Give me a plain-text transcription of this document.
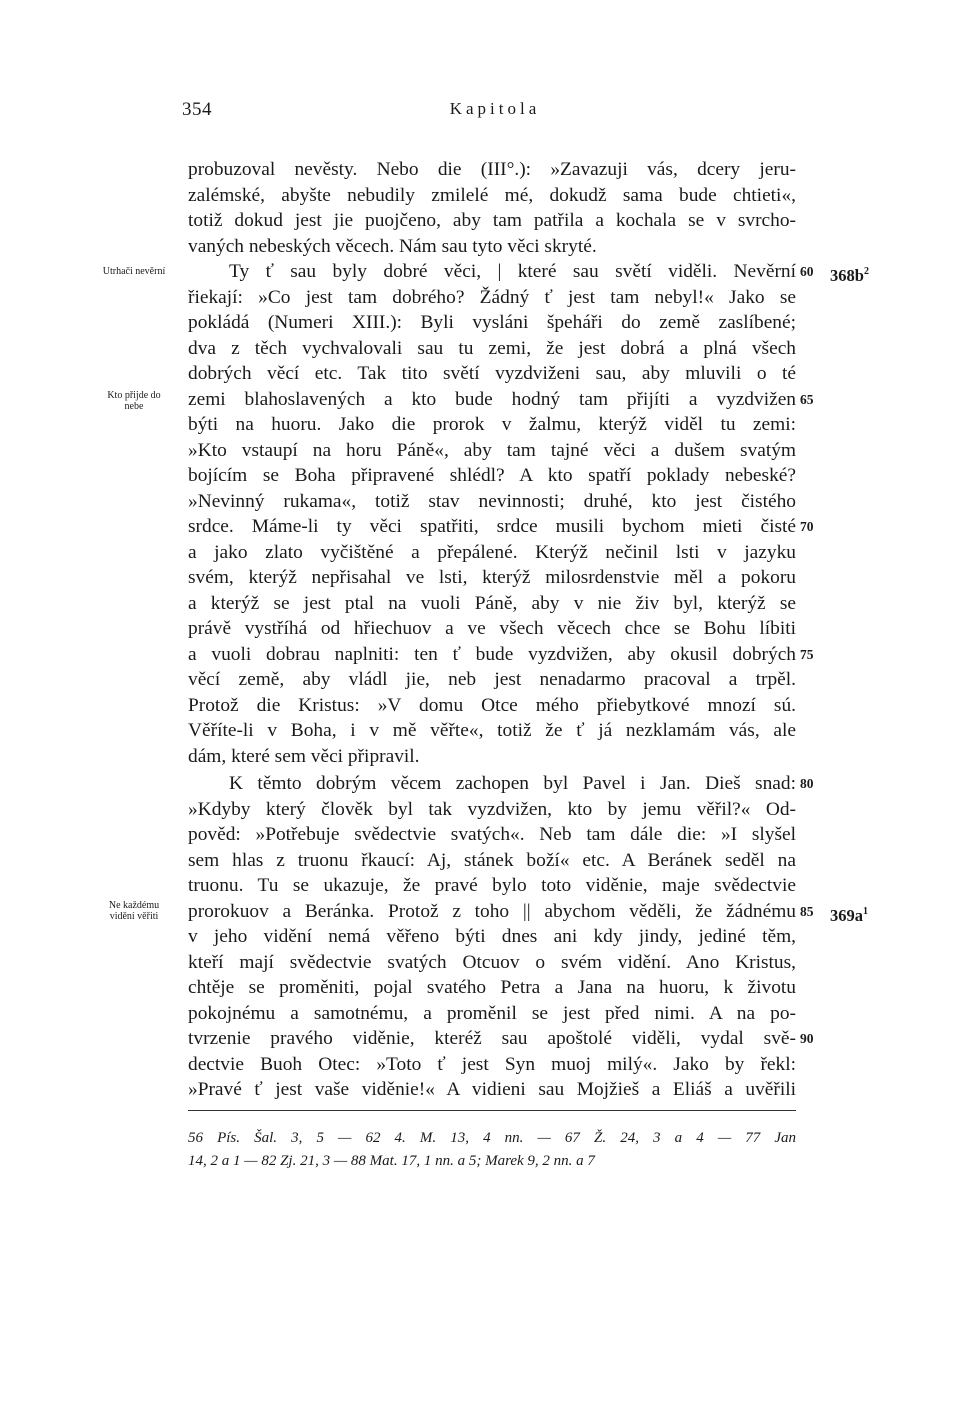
354	Kapitola
probuzoval nevěsty. Nebo die (III°.): »Zavazuji vás, dcery jeru-
zalémské, abyšte nebudily zmilelé mé, dokudž sama bude chtieti«,
totiž dokud jest jie puojčeno, aby tam patřila a kochala se v svrcho-
vaných nebeských věcech. Nám sau tyto věci skryté.
Ty ť sau byly dobré věci, | které sau světí viděli. Nevěrní
řiekají: »Co jest tam dobrého? Žádný ť jest tam nebyl!« Jako se
pokládá (Numeri XIII.): Byli vysláni špeháři do země zaslíbené;
dva z těch vychvalovali sau tu zemi, že jest dobrá a plná všech
dobrých věcí etc. Tak tito světí vyzdviženi sau, aby mluvili o té
zemi blahoslavených a kto bude hodný tam přijíti a vyzdvižen
býti na huoru. Jako die prorok v žalmu, kterýž viděl tu zemi:
»Kto vstaupí na horu Páně«, aby tam tajné věci a dušem svatým
bojícím se Boha připravené shlédl? A kto spatří poklady nebeské?
»Nevinný rukama«, totiž stav nevinnosti; druhé, kto jest čistého
srdce. Máme-li ty věci spatřiti, srdce musili bychom mieti čisté
a jako zlato vyčištěné a přepálené. Kterýž nečinil lsti v jazyku
svém, kterýž nepřisahal ve lsti, kterýž milosrdenstvie měl a pokoru
a kterýž se jest ptal na vuoli Páně, aby v nie živ byl, kterýž se
právě vystříhá od hřiechuov a ve všech věcech chce se Bohu líbiti
a vuoli dobrau naplniti: ten ť bude vyzdvižen, aby okusil dobrých
věcí země, aby vládl jie, neb jest nenadarmo pracoval a trpěl.
Protož die Kristus: »V domu Otce mého přiebytkové mnozí sú.
Věříte-li v Boha, i v mě věřte«, totiž že ť já nezklamám vás, ale
dám, které sem věci připravil.
K těmto dobrým věcem zachopen byl Pavel i Jan. Dieš snad:
»Kdyby který člověk byl tak vyzdvižen, kto by jemu věřil?« Od-
pověd: »Potřebuje svědectvie svatých«. Neb tam dále die: »I slyšel
sem hlas z truonu řkaucí: Aj, stánek boží« etc. A Beránek seděl na
truonu. Tu se ukazuje, že pravé bylo toto viděnie, maje svědectvie
prorokuov a Beránka. Protož z toho || abychom věděli, že žádnému
v jeho vidění nemá věřeno býti dnes ani kdy jindy, jediné těm,
kteří mají svědectvie svatých Otcuov o svém vidění. Ano Kristus,
chtěje se proměniti, pojal svatého Petra a Jana na huoru, k životu
pokojnému a samotnému, a proměnil se jest před nimi. A na po-
tvrzenie pravého viděnie, kteréž sau apoštolé viděli, vydal svě-
dectvie Buoh Otec: »Toto ť jest Syn muoj milý«. Jako by řekl:
»Pravé ť jest vaše viděnie!« A vidieni sau Mojžieš a Eliáš a uvěřili
60
65
70
75
80
85
90
$368b^2$
$369a^1$
Utrhači nevěrní
Kto přijde do
nebe
Ne každému
vidění věřiti
56 Pís. Šal. 3, 5 — 62 4. M. 13, 4 nn. — 67 Ž. 24, 3 a 4 — 77 Jan
14, 2 a 1 — 82 Zj. 21, 3 — 88 Mat. 17, 1 nn. a 5; Marek 9, 2 nn. a 7
